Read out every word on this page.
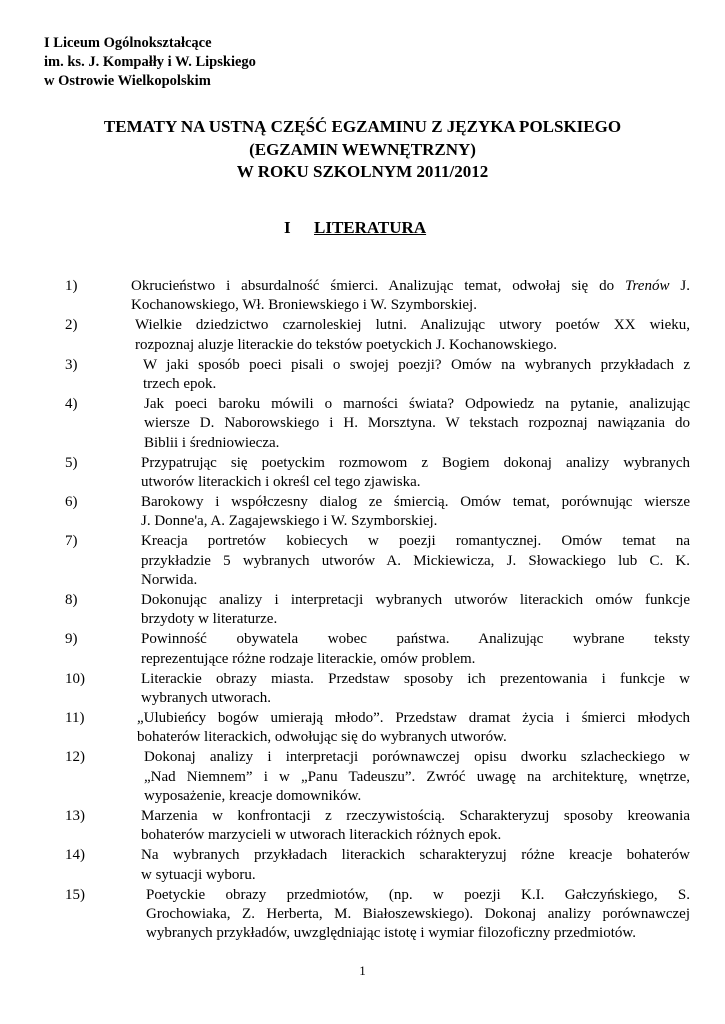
I Liceum Ogólnokształcące
im. ks. J. Kompałły i W. Lipskiego
w Ostrowie Wielkopolskim
TEMATY NA USTNĄ CZĘŚĆ EGZAMINU Z JĘZYKA POLSKIEGO
(EGZAMIN WEWNĘTRZNY)
W ROKU SZKOLNYM 2011/2012
I LITERATURA
1)	Okrucieństwo i absurdalność śmierci. Analizując temat, odwołaj się do Trenów J.
Kochanowskiego, Wł. Broniewskiego i W. Szymborskiej.
2)	Wielkie dziedzictwo czarnoleskiej lutni. Analizując utwory poetów XX wieku,
rozpoznaj aluzje literackie do tekstów poetyckich J. Kochanowskiego.
3)	W jaki sposób poeci pisali o swojej poezji? Omów na wybranych przykładach z
trzech epok.
4)	Jak poeci baroku mówili o marności świata? Odpowiedz na pytanie, analizując
wiersze D. Naborowskiego i H. Morsztyna. W tekstach rozpoznaj nawiązania do
Biblii i średniowiecza.
5)	Przypatrując się poetyckim rozmowom z Bogiem dokonaj analizy wybranych
utworów literackich i określ cel tego zjawiska.
6)	Barokowy i współczesny dialog ze śmiercią. Omów temat, porównując wiersze
J. Donne'a, A. Zagajewskiego i W. Szymborskiej.
7)	Kreacja portretów kobiecych w poezji romantycznej. Omów temat na
przykładzie 5 wybranych utworów A. Mickiewicza, J. Słowackiego lub C. K.
Norwida.
8)	Dokonując analizy i interpretacji wybranych utworów literackich omów funkcje
brzydoty w literaturze.
9)	Powinność obywatela wobec państwa. Analizując wybrane teksty
reprezentujące różne rodzaje literackie, omów problem.
10)	Literackie obrazy miasta. Przedstaw sposoby ich prezentowania i funkcje w
wybranych utworach.
11)	„Ulubieńcy bogów umierają młodo”. Przedstaw dramat życia i śmierci młodych
bohaterów literackich, odwołując się do wybranych utworów.
12)	Dokonaj analizy i interpretacji porównawczej opisu dworku szlacheckiego w
„Nad Niemnem” i w „Panu Tadeuszu”. Zwróć uwagę na architekturę, wnętrze,
wyposażenie, kreacje domowników.
13)	Marzenia w konfrontacji z rzeczywistością. Scharakteryzuj sposoby kreowania
bohaterów marzycieli w utworach literackich różnych epok.
14)	Na wybranych przykładach literackich scharakteryzuj różne kreacje bohaterów
w sytuacji wyboru.
15)	Poetyckie obrazy przedmiotów, (np. w poezji K.I. Gałczyńskiego, S.
Grochowiaka, Z. Herberta, M. Białoszewskiego). Dokonaj analizy porównawczej
wybranych przykładów, uwzględniając istotę i wymiar filozoficzny przedmiotów.
1
